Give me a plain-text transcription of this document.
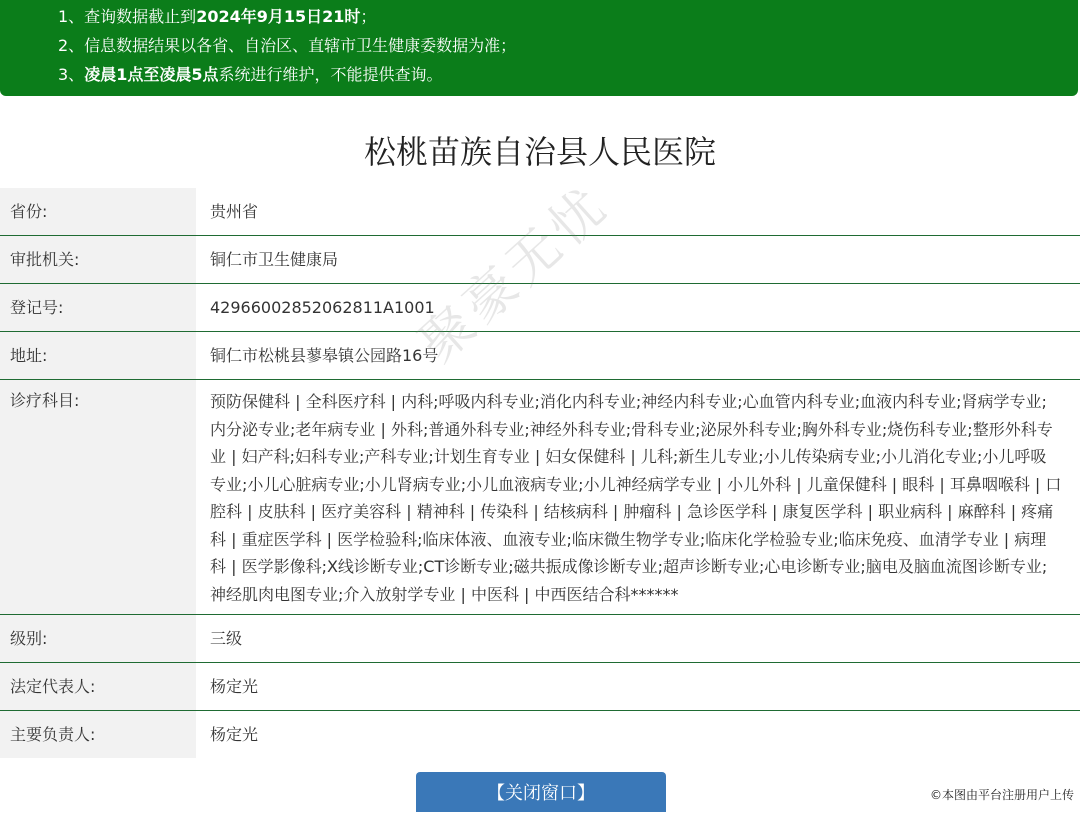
1、查询数据截止到2024年9月15日21时；
2、信息数据结果以各省、自治区、直辖市卫生健康委数据为准；
3、凌晨1点至凌晨5点系统进行维护，不能提供查询。
松桃苗族自治县人民医院
省份:	贵州省
审批机关:	铜仁市卫生健康局
登记号:	42966002852062811A1001
地址:	铜仁市松桃县蓼皋镇公园路16号
诊疗科目:	预防保健科 | 全科医疗科 | 内科;呼吸内科专业;消化内科专业;神经内科专业;心血管内科专业;血液内科专业;肾病学专业;内分泌专业;老年病专业 | 外科;普通外科专业;神经外科专业;骨科专业;泌尿外科专业;胸外科专业;烧伤科专业;整形外科专业 | 妇产科;妇科专业;产科专业;计划生育专业 | 妇女保健科 | 儿科;新生儿专业;小儿传染病专业;小儿消化专业;小儿呼吸专业;小儿心脏病专业;小儿肾病专业;小儿血液病专业;小儿神经病学专业 | 小儿外科 | 儿童保健科 | 眼科 | 耳鼻咽喉科 | 口腔科 | 皮肤科 | 医疗美容科 | 精神科 | 传染科 | 结核病科 | 肿瘤科 | 急诊医学科 | 康复医学科 | 职业病科 | 麻醉科 | 疼痛科 | 重症医学科 | 医学检验科;临床体液、血液专业;临床微生物学专业;临床化学检验专业;临床免疫、血清学专业 | 病理科 | 医学影像科;X线诊断专业;CT诊断专业;磁共振成像诊断专业;超声诊断专业;心电诊断专业;脑电及脑血流图诊断专业;神经肌肉电图专业;介入放射学专业 | 中医科 | 中西医结合科******
级别:	三级
法定代表人:	杨定光
主要负责人:	杨定光
聚豪无忧
【关闭窗口】	©本图由平台注册用户上传
